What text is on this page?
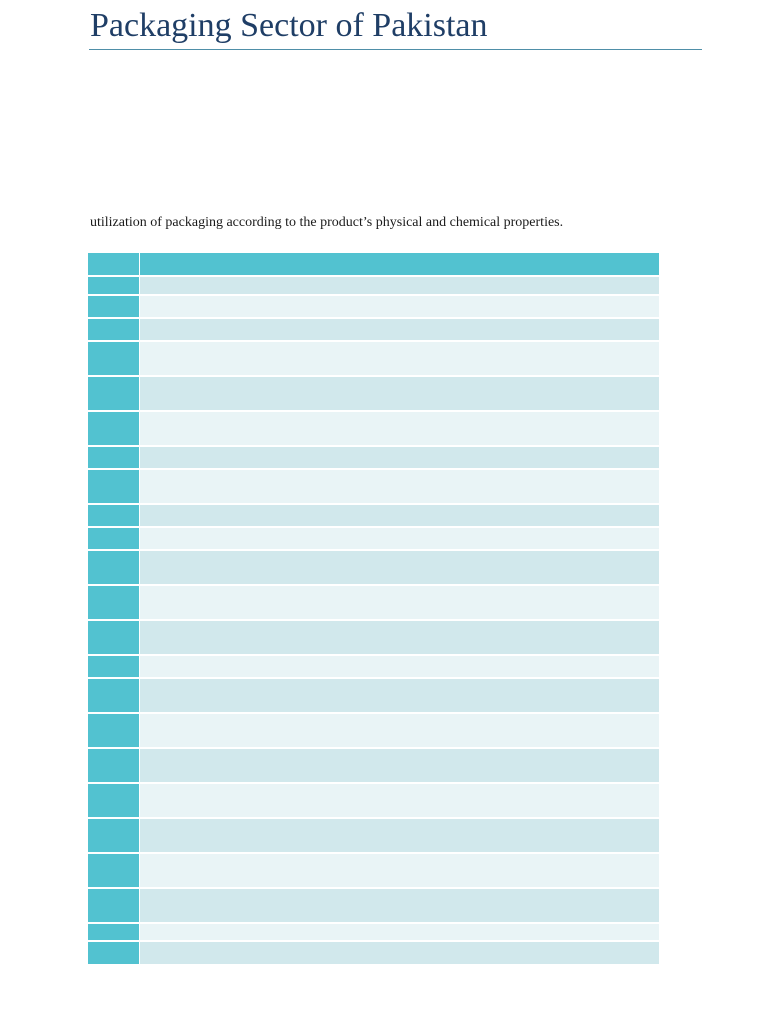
Packaging Sector of Pakistan

utilization of packaging according to the product’s physical and chemical properties.
